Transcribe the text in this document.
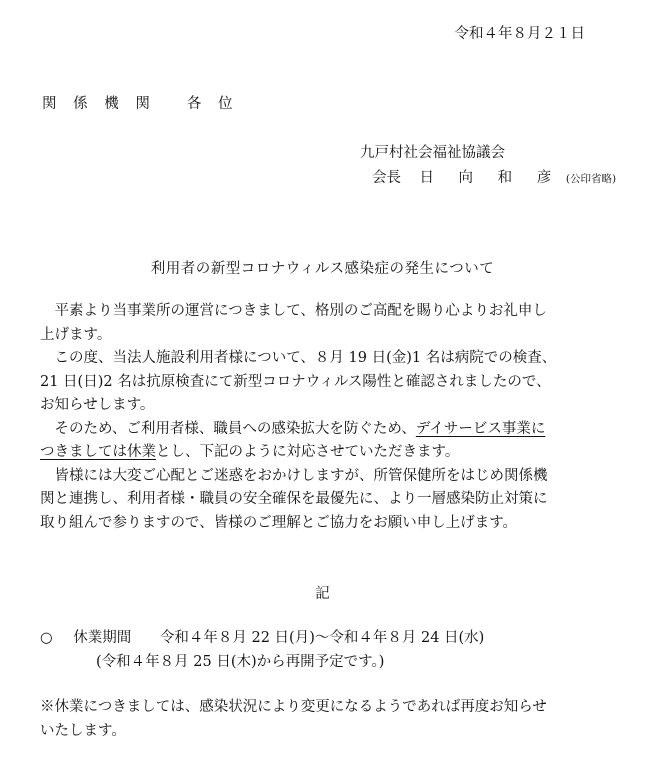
令和４年８月２１日
関 係 機 関　 各 位
九戸村社会福祉協議会
会長 日 向 和 彦 (公印省略)
利用者の新型コロナウィルス感染症の発生について
　平素より当事業所の運営につきまして、格別のご高配を賜り心よりお礼申し
上げます。
　この度、当法人施設利用者様について、８月 19 日(金)1 名は病院での検査、
21 日(日)2 名は抗原検査にて新型コロナウィルス陽性と確認されましたので、
お知らせします。
　そのため、ご利用者様、職員への感染拡大を防ぐため、デイサービス事業に
つきましては休業とし、下記のように対応させていただきます。
　皆様には大変ご心配とご迷惑をおかけしますが、所管保健所をはじめ関係機
関と連携し、利用者様・職員の安全確保を最優先に、より一層感染防止対策に
取り組んで参りますので、皆様のご理解とご協力をお願い申し上げます。
記
○ 休業期間 令和４年８月 22 日(月)～令和４年８月 24 日(水)
(令和４年８月 25 日(木)から再開予定です。)
※休業につきましては、感染状況により変更になるようであれば再度お知らせ
いたします。
